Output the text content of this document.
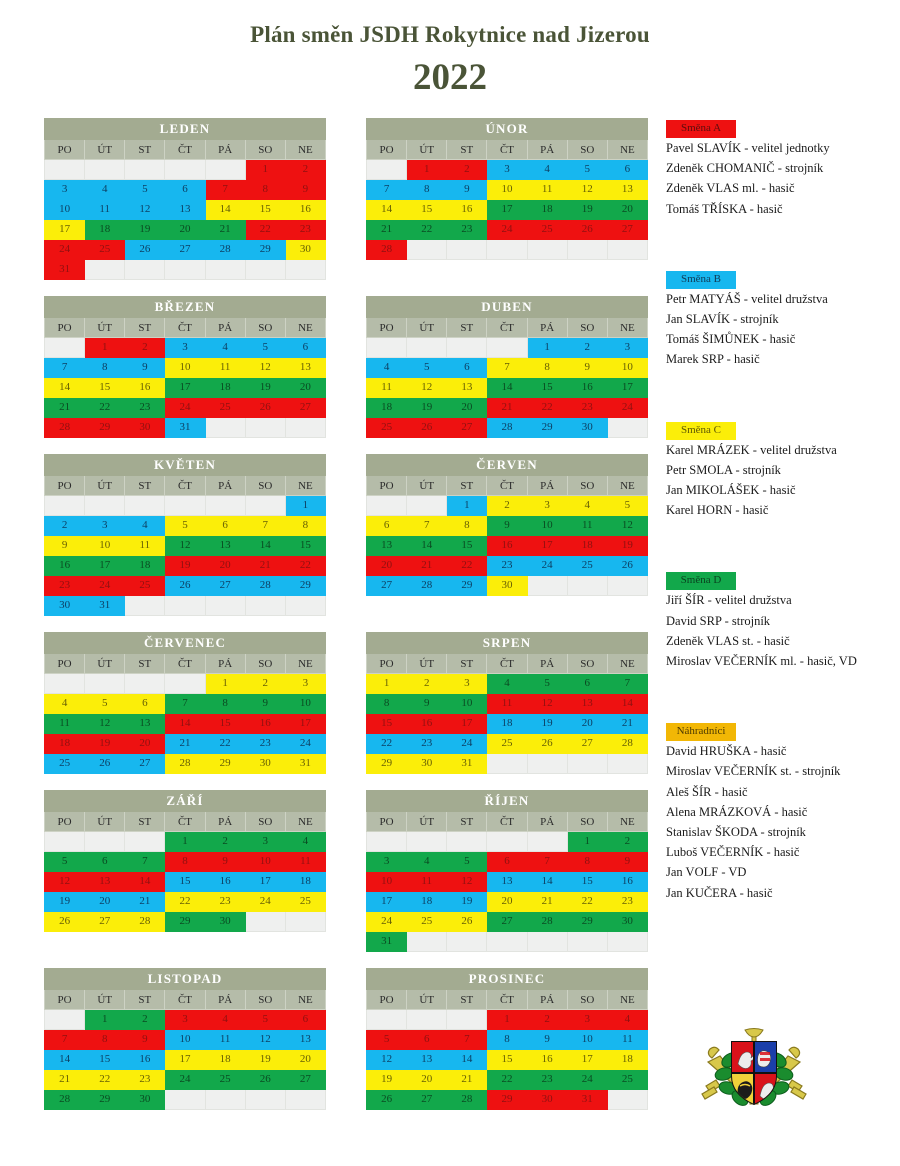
Plán směn JSDH Rokytnice nad Jizerou
2022
LEDEN						
PO	ÚT	ST	ČT	PÁ	SO	NE
					1	2
3	4	5	6	7	8	9
10	11	12	13	14	15	16
17	18	19	20	21	22	23
24	25	26	27	28	29	30
31						
ÚNOR						
PO	ÚT	ST	ČT	PÁ	SO	NE
	1	2	3	4	5	6
7	8	9	10	11	12	13
14	15	16	17	18	19	20
21	22	23	24	25	26	27
28						
BŘEZEN						
PO	ÚT	ST	ČT	PÁ	SO	NE
	1	2	3	4	5	6
7	8	9	10	11	12	13
14	15	16	17	18	19	20
21	22	23	24	25	26	27
28	29	30	31			
DUBEN						
PO	ÚT	ST	ČT	PÁ	SO	NE
				1	2	3
4	5	6	7	8	9	10
11	12	13	14	15	16	17
18	19	20	21	22	23	24
25	26	27	28	29	30	
KVĚTEN						
PO	ÚT	ST	ČT	PÁ	SO	NE
						1
2	3	4	5	6	7	8
9	10	11	12	13	14	15
16	17	18	19	20	21	22
23	24	25	26	27	28	29
30	31					
ČERVEN						
PO	ÚT	ST	ČT	PÁ	SO	NE
		1	2	3	4	5
6	7	8	9	10	11	12
13	14	15	16	17	18	19
20	21	22	23	24	25	26
27	28	29	30			
ČERVENEC						
PO	ÚT	ST	ČT	PÁ	SO	NE
				1	2	3
4	5	6	7	8	9	10
11	12	13	14	15	16	17
18	19	20	21	22	23	24
25	26	27	28	29	30	31
SRPEN						
PO	ÚT	ST	ČT	PÁ	SO	NE
1	2	3	4	5	6	7
8	9	10	11	12	13	14
15	16	17	18	19	20	21
22	23	24	25	26	27	28
29	30	31				
ZÁŘÍ						
PO	ÚT	ST	ČT	PÁ	SO	NE
			1	2	3	4
5	6	7	8	9	10	11
12	13	14	15	16	17	18
19	20	21	22	23	24	25
26	27	28	29	30		
ŘÍJEN						
PO	ÚT	ST	ČT	PÁ	SO	NE
					1	2
3	4	5	6	7	8	9
10	11	12	13	14	15	16
17	18	19	20	21	22	23
24	25	26	27	28	29	30
31						
LISTOPAD						
PO	ÚT	ST	ČT	PÁ	SO	NE
	1	2	3	4	5	6
7	8	9	10	11	12	13
14	15	16	17	18	19	20
21	22	23	24	25	26	27
28	29	30				
PROSINEC						
PO	ÚT	ST	ČT	PÁ	SO	NE
			1	2	3	4
5	6	7	8	9	10	11
12	13	14	15	16	17	18
19	20	21	22	23	24	25
26	27	28	29	30	31	
Směna A
Pavel SLAVÍK - velitel jednotky
Zdeněk CHOMANIČ - strojník
Zdeněk VLAS ml. - hasič
Tomáš TŘÍSKA - hasič
Směna B
Petr MATYÁŠ - velitel družstva
Jan SLAVÍK - strojník
Tomáš ŠIMŮNEK - hasič
Marek SRP - hasič
Směna C
Karel MRÁZEK - velitel družstva
Petr SMOLA - strojník
Jan MIKOLÁŠEK - hasič
Karel HORN - hasič
Směna D
Jiří ŠÍR - velitel družstva
David SRP - strojník
Zdeněk VLAS st. - hasič
Miroslav VEČERNÍK ml. - hasič, VD
Náhradníci
David HRUŠKA - hasič
Miroslav VEČERNÍK st. - strojník
Aleš ŠÍR - hasič
Alena MRÁZKOVÁ - hasič
Stanislav ŠKODA - strojník
Luboš VEČERNÍK - hasič
Jan VOLF - VD
Jan KUČERA - hasič
